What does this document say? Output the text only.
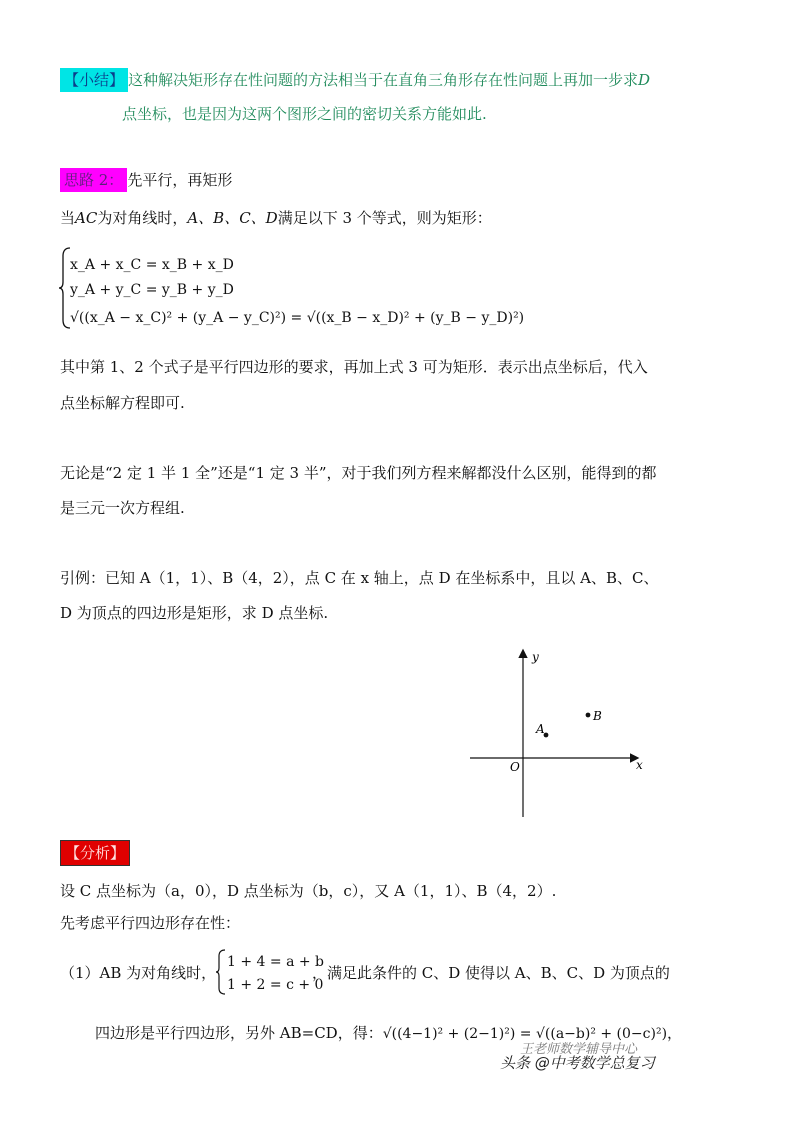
【小结】 这种解决矩形存在性问题的方法相当于在直角三角形存在性问题上再加一步求D
点坐标，也是因为这两个图形之间的密切关系方能如此.
思路 2： 先平行，再矩形
当AC为对角线时，A、B、C、D满足以下 3 个等式，则为矩形：
x_A + x_C = x_B + x_D
y_A + y_C = y_B + y_D
√((x_A − x_C)² + (y_A − y_C)²) = √((x_B − x_D)² + (y_B − y_D)²)
其中第 1、2 个式子是平行四边形的要求，再加上式 3 可为矩形．表示出点坐标后，代入
点坐标解方程即可.
无论是“2 定 1 半 1 全”还是“1 定 3 半”，对于我们列方程来解都没什么区别，能得到的都
是三元一次方程组.
引例：已知 A（1，1）、B（4，2），点 C 在 x 轴上，点 D 在坐标系中，且以 A、B、C、
D 为顶点的四边形是矩形，求 D 点坐标.
y
x
O
A
B
【分析】
设 C 点坐标为（a，0），D 点坐标为（b，c），又 A（1，1）、B（4，2）.
先考虑平行四边形存在性：
（1）AB 为对角线时，
1 + 4 = a + b
1 + 2 = c + 0
，满足此条件的 C、D 使得以 A、B、C、D 为顶点的
四边形是平行四边形，另外 AB=CD，得：√((4−1)² + (2−1)²) = √((a−b)² + (0−c)²)，
王老师数学辅导中心
头条 @中考数学总复习
